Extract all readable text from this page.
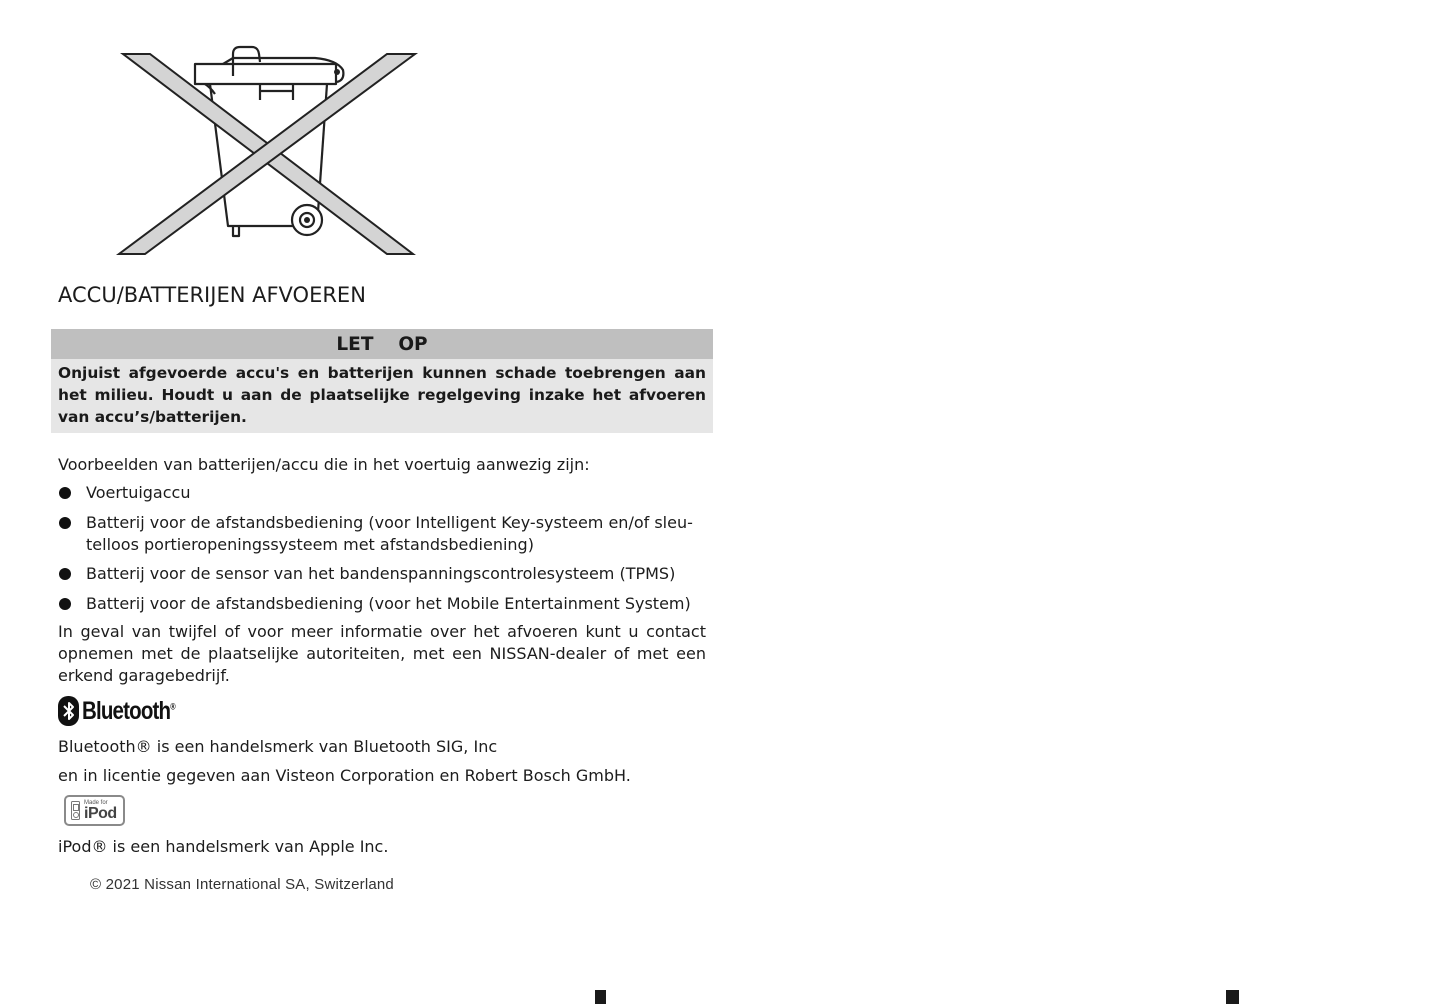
ACCU/BATTERIJEN AFVOEREN
LET  OP
Onjuist afgevoerde accu's en batterijen kunnen schade toebrengen aan het milieu. Houdt u aan de plaatselijke regelgeving inzake het afvoeren van accu’s/batterijen.
Voorbeelden van batterijen/accu die in het voertuig aanwezig zijn:
Voertuigaccu
Batterij voor de afstandsbediening (voor Intelligent Key-systeem en/of sleu-telloos portieropeningssysteem met afstandsbediening)
Batterij voor de sensor van het bandenspanningscontrolesysteem (TPMS)
Batterij voor de afstandsbediening (voor het Mobile Entertainment System)
In geval van twijfel of voor meer informatie over het afvoeren kunt u contact opnemen met de plaatselijke autoriteiten, met een NISSAN-dealer of met een erkend garagebedrijf.
Bluetooth®
Bluetooth® is een handelsmerk van Bluetooth SIG, Inc
en in licentie gegeven aan Visteon Corporation en Robert Bosch GmbH.
Made for
iPod
iPod® is een handelsmerk van Apple Inc.
© 2021 Nissan International SA, Switzerland
